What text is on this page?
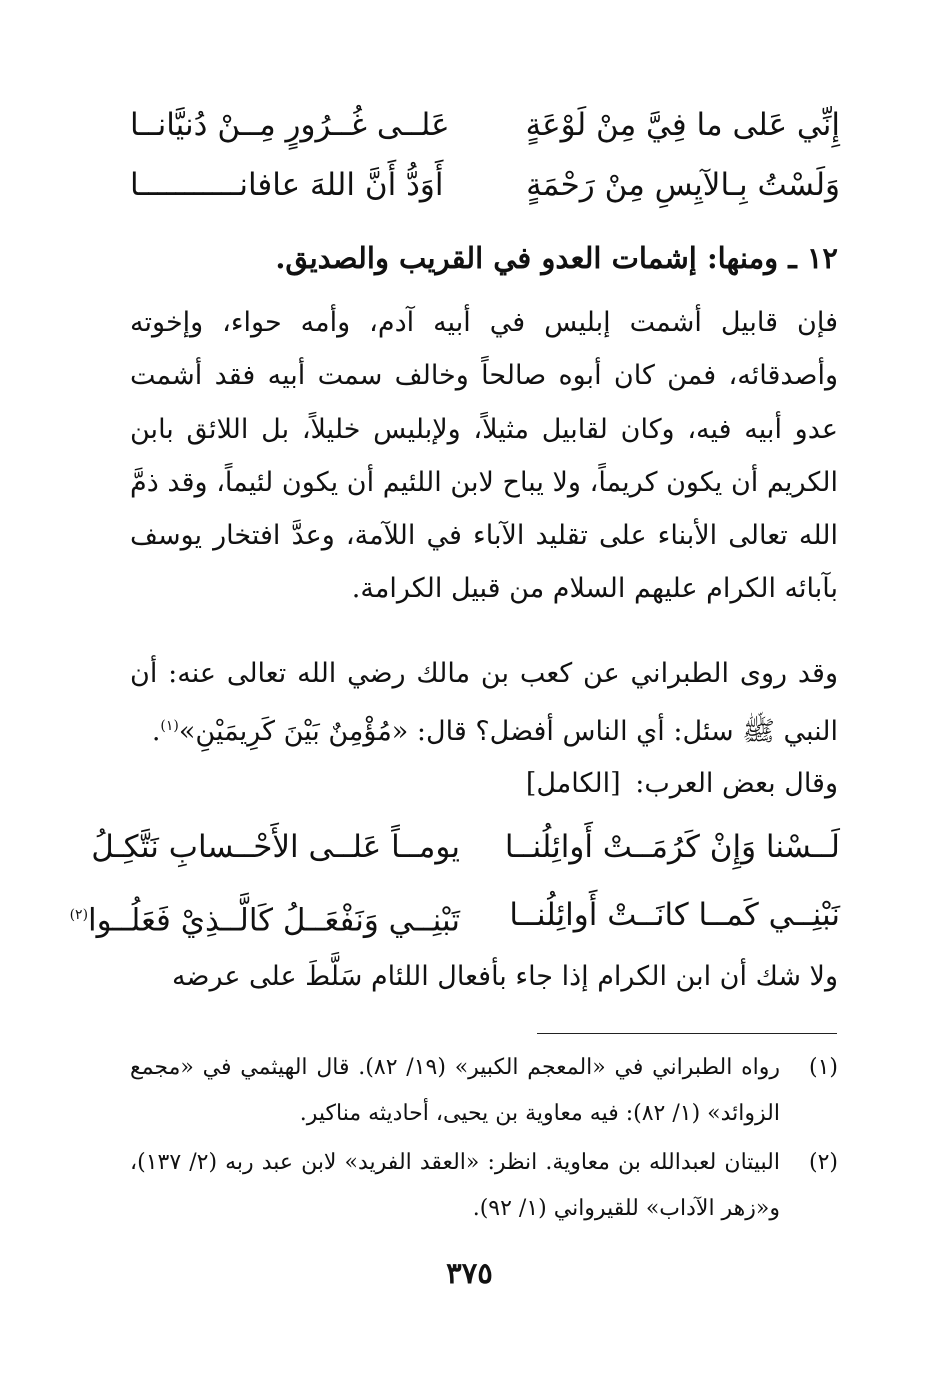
إِنِّي عَلى ما فِيَّ مِنْ لَوْعَةٍ
عَلــى غُــرُورٍ مِــنْ دُنيَّانــا
وَلَسْتُ بِـالآيِسِ مِنْ رَحْمَةٍ
أَوَدُّ أَنَّ اللهَ عافانـــــــــــا
١٢ ـ ومنها: إشمات العدو في القريب والصديق.
فإن قابيل أشمت إبليس في أبيه آدم، وأمه حواء، وإخوته وأصدقائه، فمن كان أبوه صالحاً وخالف سمت أبيه فقد أشمت عدو أبيه فيه، وكان لقابيل مثيلاً، ولإبليس خليلاً، بل اللائق بابن الكريم أن يكون كريماً، ولا يباح لابن اللئيم أن يكون لئيماً، وقد ذمَّ الله تعالى الأبناء على تقليد الآباء في اللآمة، وعدَّ افتخار يوسف بآبائه الكرام عليهم السلام من قبيل الكرامة.
وقد روى الطبراني عن كعب بن مالك رضي الله تعالى عنه: أن النبي ﷺ سئل: أي الناس أفضل؟ قال: «مُؤْمِنٌ بَيْنَ كَرِيمَيْنِ»$^{(١)}$.
وقال بعض العرب: [الكامل]
لَــسْنا وَإِنْ كَرُمَــتْ أَوائِلُنــا
يومــاً عَلــى الأَحْــسابِ نَتَّكِـلُ
نَبْنِــي كَمــا كانَــتْ أَوائِلُنــا
تَبْنِــي وَنَفْعَــلُ كَالَّــذِيْ فَعَلُــوا$^{(٢)}$
ولا شك أن ابن الكرام إذا جاء بأفعال اللئام سَلَّطَ على عرضه
(١)
رواه الطبراني في «المعجم الكبير» (١٩/ ٨٢). قال الهيثمي في «مجمع الزوائد» (١/ ٨٢): فيه معاوية بن يحيى، أحاديثه مناكير.
(٢)
البيتان لعبدالله بن معاوية. انظر: «العقد الفريد» لابن عبد ربه (٢/ ١٣٧)، و«زهر الآداب» للقيرواني (١/ ٩٢).
٣٧٥
